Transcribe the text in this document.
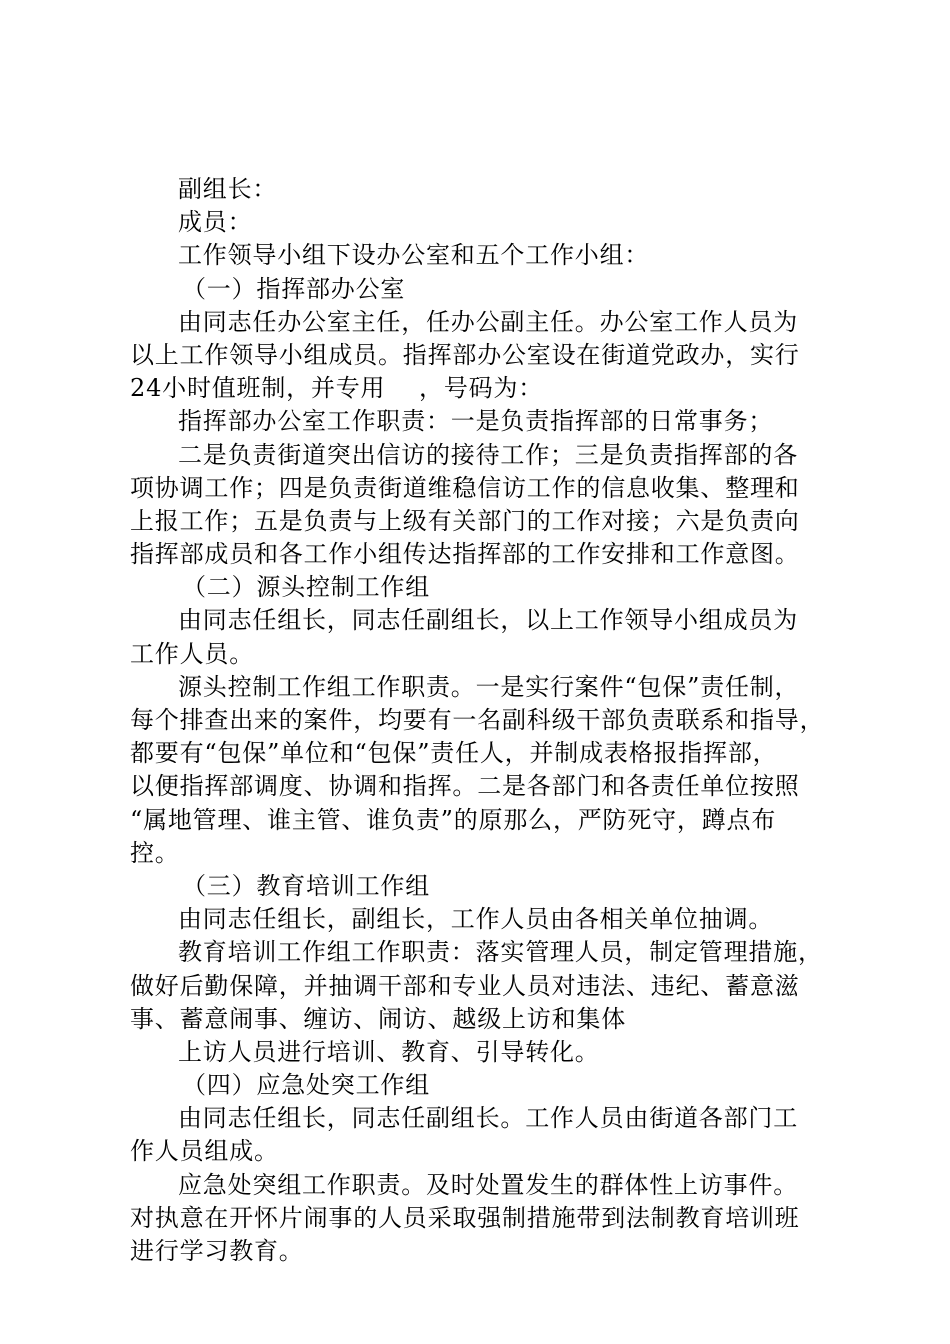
副组长：
成员：
工作领导小组下设办公室和五个工作小组：
（一）指挥部办公室
由同志任办公室主任，任办公副主任。办公室工作人员为
以上工作领导小组成员。指挥部办公室设在街道党政办，实行
24小时值班制，并专用    ，号码为：
指挥部办公室工作职责：一是负责指挥部的日常事务；
二是负责街道突出信访的接待工作；三是负责指挥部的各
项协调工作；四是负责街道维稳信访工作的信息收集、整理和
上报工作；五是负责与上级有关部门的工作对接；六是负责向
指挥部成员和各工作小组传达指挥部的工作安排和工作意图。
（二）源头控制工作组
由同志任组长，同志任副组长，以上工作领导小组成员为
工作人员。
源头控制工作组工作职责。一是实行案件“包保”责任制，
每个排查出来的案件，均要有一名副科级干部负责联系和指导，
都要有“包保”单位和“包保”责任人，并制成表格报指挥部，
以便指挥部调度、协调和指挥。二是各部门和各责任单位按照
“属地管理、谁主管、谁负责”的原那么，严防死守，蹲点布
控。
（三）教育培训工作组
由同志任组长，副组长，工作人员由各相关单位抽调。
教育培训工作组工作职责：落实管理人员，制定管理措施，
做好后勤保障，并抽调干部和专业人员对违法、违纪、蓄意滋
事、蓄意闹事、缠访、闹访、越级上访和集体
上访人员进行培训、教育、引导转化。
（四）应急处突工作组
由同志任组长，同志任副组长。工作人员由街道各部门工
作人员组成。
应急处突组工作职责。及时处置发生的群体性上访事件。
对执意在开怀片闹事的人员采取强制措施带到法制教育培训班
进行学习教育。
